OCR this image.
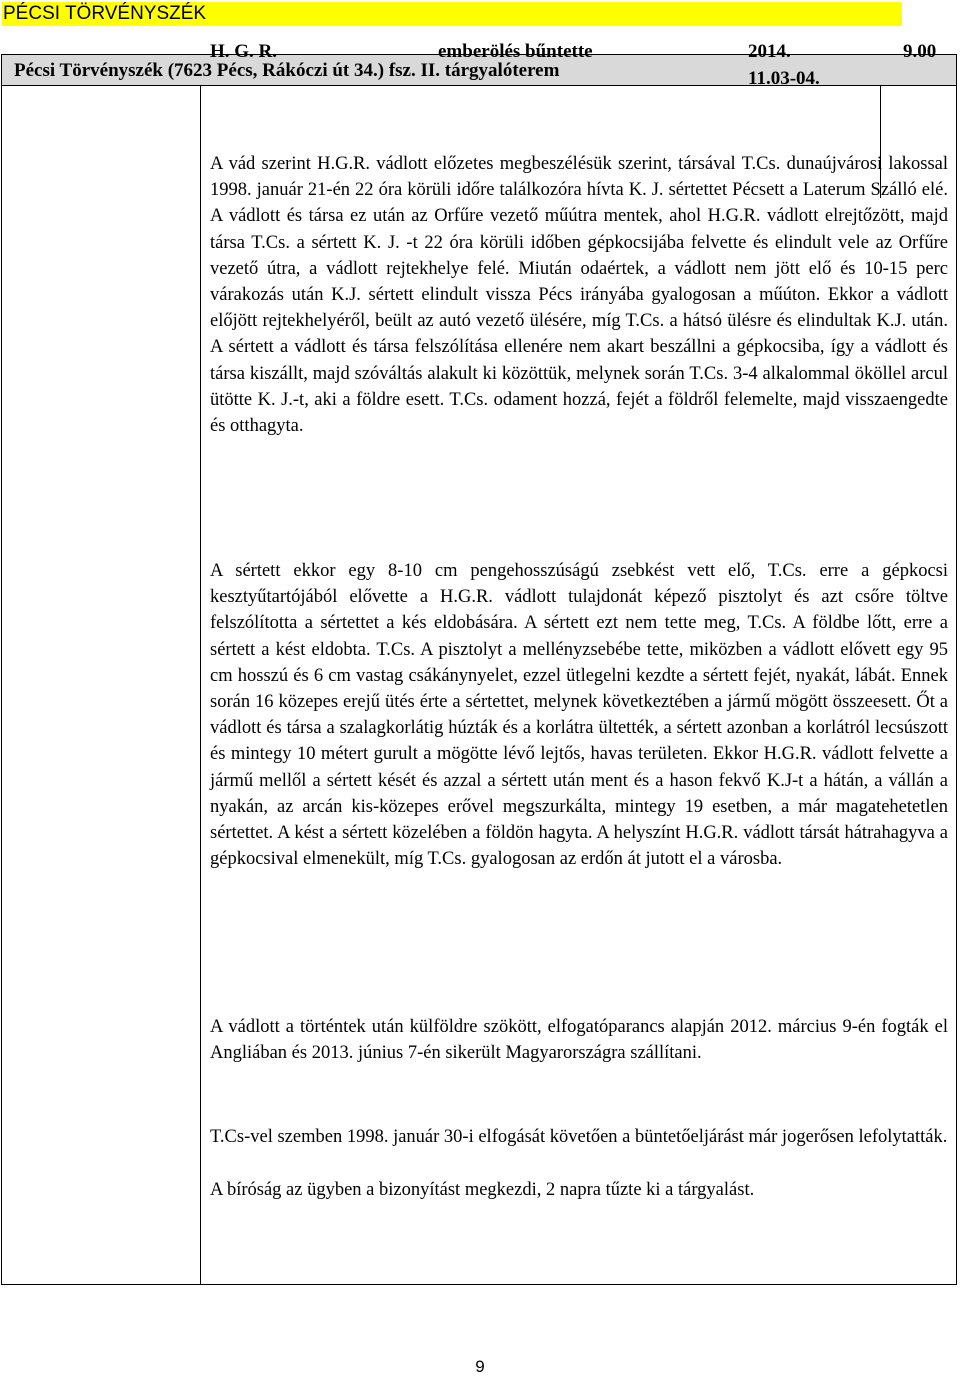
PÉCSI TÖRVÉNYSZÉK
Pécsi Törvényszék (7623 Pécs, Rákóczi út 34.) fsz. II. tárgyalóterem
H. G. R.	emberölés bűntette	2014.
11.03-04.
9.00

A vád szerint H.G.R. vádlott előzetes megbeszélésük szerint, társával T.Cs. dunaújvárosi lakossal 1998. január 21-én 22 óra körüli időre találkozóra hívta K. J. sértettet Pécsett a Laterum Szálló elé. A vádlott és társa ez után az Orfűre vezető műútra mentek, ahol H.G.R. vádlott elrejtőzött, majd társa T.Cs. a sértett K. J. -t 22 óra körüli időben gépkocsijába felvette és elindult vele az Orfűre vezető útra, a vádlott rejtekhelye felé. Miután odaértek, a vádlott nem jött elő és 10-15 perc várakozás után K.J. sértett elindult vissza Pécs irányába gyalogosan a műúton. Ekkor a vádlott előjött rejtekhelyéről, beült az autó vezető ülésére, míg T.Cs. a hátsó ülésre és elindultak K.J. után. A sértett a vádlott és társa felszólítása ellenére nem akart beszállni a gépkocsiba, így a vádlott és társa kiszállt, majd szóváltás alakult ki közöttük, melynek során T.Cs. 3-4 alkalommal ököllel arcul ütötte K. J.-t, aki a földre esett. T.Cs. odament hozzá, fejét a földről felemelte, majd visszaengedte és otthagyta.

A sértett ekkor egy 8-10 cm pengehosszúságú zsebkést vett elő, T.Cs. erre a gépkocsi kesztyűtartójából elővette a H.G.R. vádlott tulajdonát képező pisztolyt és azt csőre töltve felszólította a sértettet a kés eldobására. A sértett ezt nem tette meg, T.Cs. A földbe lőtt, erre a sértett a kést eldobta. T.Cs. A pisztolyt a mellényzsebébe tette, miközben a vádlott elővett egy 95 cm hosszú és 6 cm vastag csákánynyelet, ezzel ütlegelni kezdte a sértett fejét, nyakát, lábát. Ennek során 16 közepes erejű ütés érte a sértettet, melynek következtében a jármű mögött összeesett. Őt a vádlott és társa a szalagkorlátig húzták és a korlátra ültették, a sértett azonban a korlátról lecsúszott és mintegy 10 métert gurult a mögötte lévő lejtős, havas területen. Ekkor H.G.R. vádlott felvette a jármű mellől a sértett kését és azzal a sértett után ment és a hason fekvő K.J-t a hátán, a vállán a nyakán, az arcán kis-közepes erővel megszurkálta, mintegy 19 esetben, a már magatehetetlen sértettet. A kést a sértett közelében a földön hagyta. A helyszínt H.G.R. vádlott társát hátrahagyva a gépkocsival elmenekült, míg T.Cs. gyalogosan az erdőn át jutott el a városba.

A vádlott a történtek után külföldre szökött, elfogatóparancs alapján 2012. március 9-én fogták el Angliában és 2013. június 7-én sikerült Magyarországra szállítani.

T.Cs-vel szemben 1998. január 30-i elfogását követően a büntetőeljárást már jogerősen lefolytatták.

A bíróság az ügyben a bizonyítást megkezdi, 2 napra tűzte ki a tárgyalást.

9
